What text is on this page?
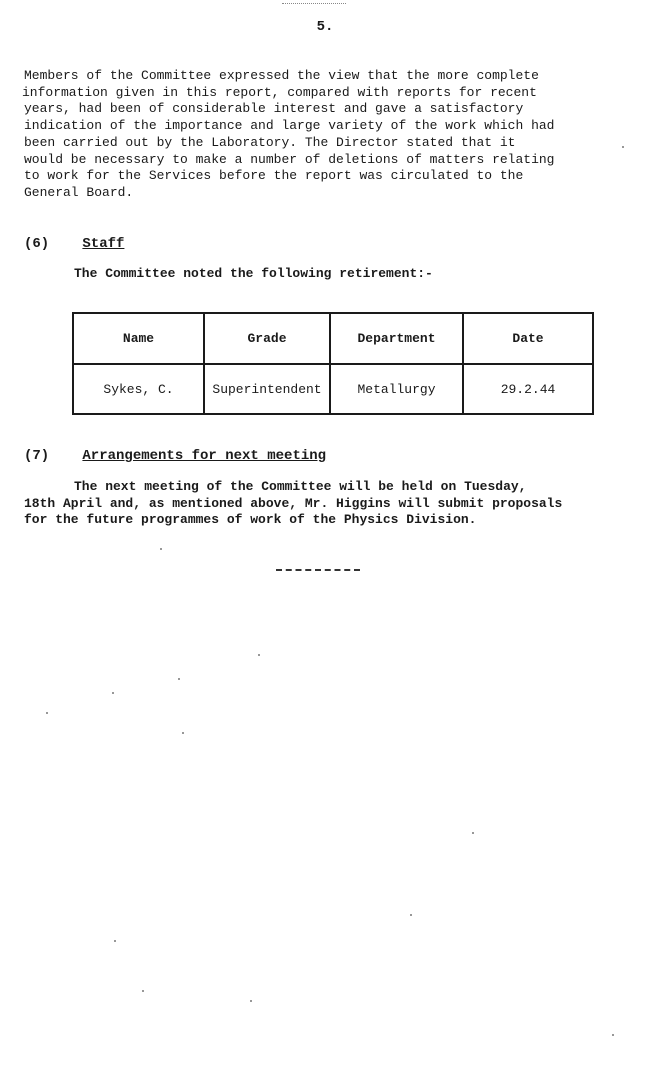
5.

Members of the Committee expressed the view that the more complete
information given in this report, compared with reports for recent
years, had been of considerable interest and gave a satisfactory
indication of the importance and large variety of the work which had
been carried out by the Laboratory. The Director stated that it
would be necessary to make a number of deletions of matters relating
to work for the Services before the report was circulated to the
General Board.

(6) Staff
The Committee noted the following retirement:-
Name	Grade	Department	Date
Sykes, C.	Superintendent	Metallurgy	29.2.44
(7) Arrangements for next meeting

The next meeting of the Committee will be held on Tuesday,
18th April and, as mentioned above, Mr. Higgins will submit proposals
for the future programmes of work of the Physics Division.
